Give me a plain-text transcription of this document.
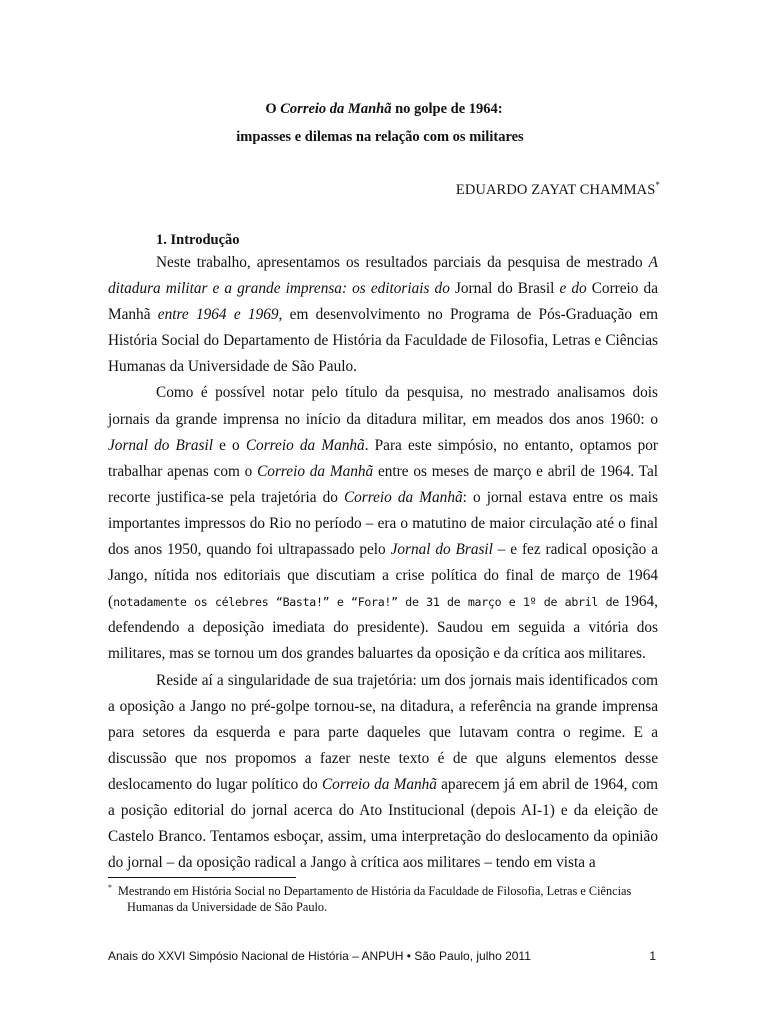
O Correio da Manhã no golpe de 1964:
impasses e dilemas na relação com os militares
EDUARDO ZAYAT CHAMMAS*
1. Introdução

Neste trabalho, apresentamos os resultados parciais da pesquisa de mestrado A ditadura militar e a grande imprensa: os editoriais do Jornal do Brasil e do Correio da Manhã entre 1964 e 1969, em desenvolvimento no Programa de Pós-Graduação em História Social do Departamento de História da Faculdade de Filosofia, Letras e Ciências Humanas da Universidade de São Paulo.

Como é possível notar pelo título da pesquisa, no mestrado analisamos dois jornais da grande imprensa no início da ditadura militar, em meados dos anos 1960: o Jornal do Brasil e o Correio da Manhã. Para este simpósio, no entanto, optamos por trabalhar apenas com o Correio da Manhã entre os meses de março e abril de 1964. Tal recorte justifica-se pela trajetória do Correio da Manhã: o jornal estava entre os mais importantes impressos do Rio no período – era o matutino de maior circulação até o final dos anos 1950, quando foi ultrapassado pelo Jornal do Brasil – e fez radical oposição a Jango, nítida nos editoriais que discutiam a crise política do final de março de 1964 (notadamente os célebres “Basta!” e “Fora!” de 31 de março e 1º de abril de 1964, defendendo a deposição imediata do presidente). Saudou em seguida a vitória dos militares, mas se tornou um dos grandes baluartes da oposição e da crítica aos militares.

Reside aí a singularidade de sua trajetória: um dos jornais mais identificados com a oposição a Jango no pré-golpe tornou-se, na ditadura, a referência na grande imprensa para setores da esquerda e para parte daqueles que lutavam contra o regime. E a discussão que nos propomos a fazer neste texto é de que alguns elementos desse deslocamento do lugar político do Correio da Manhã aparecem já em abril de 1964, com a posição editorial do jornal acerca do Ato Institucional (depois AI-1) e da eleição de Castelo Branco. Tentamos esboçar, assim, uma interpretação do deslocamento da opinião do jornal – da oposição radical a Jango à crítica aos militares – tendo em vista a

* Mestrando em História Social no Departamento de História da Faculdade de Filosofia, Letras e Ciências
Humanas da Universidade de São Paulo.
Anais do XXVI Simpósio Nacional de História – ANPUH • São Paulo, julho 2011	1
